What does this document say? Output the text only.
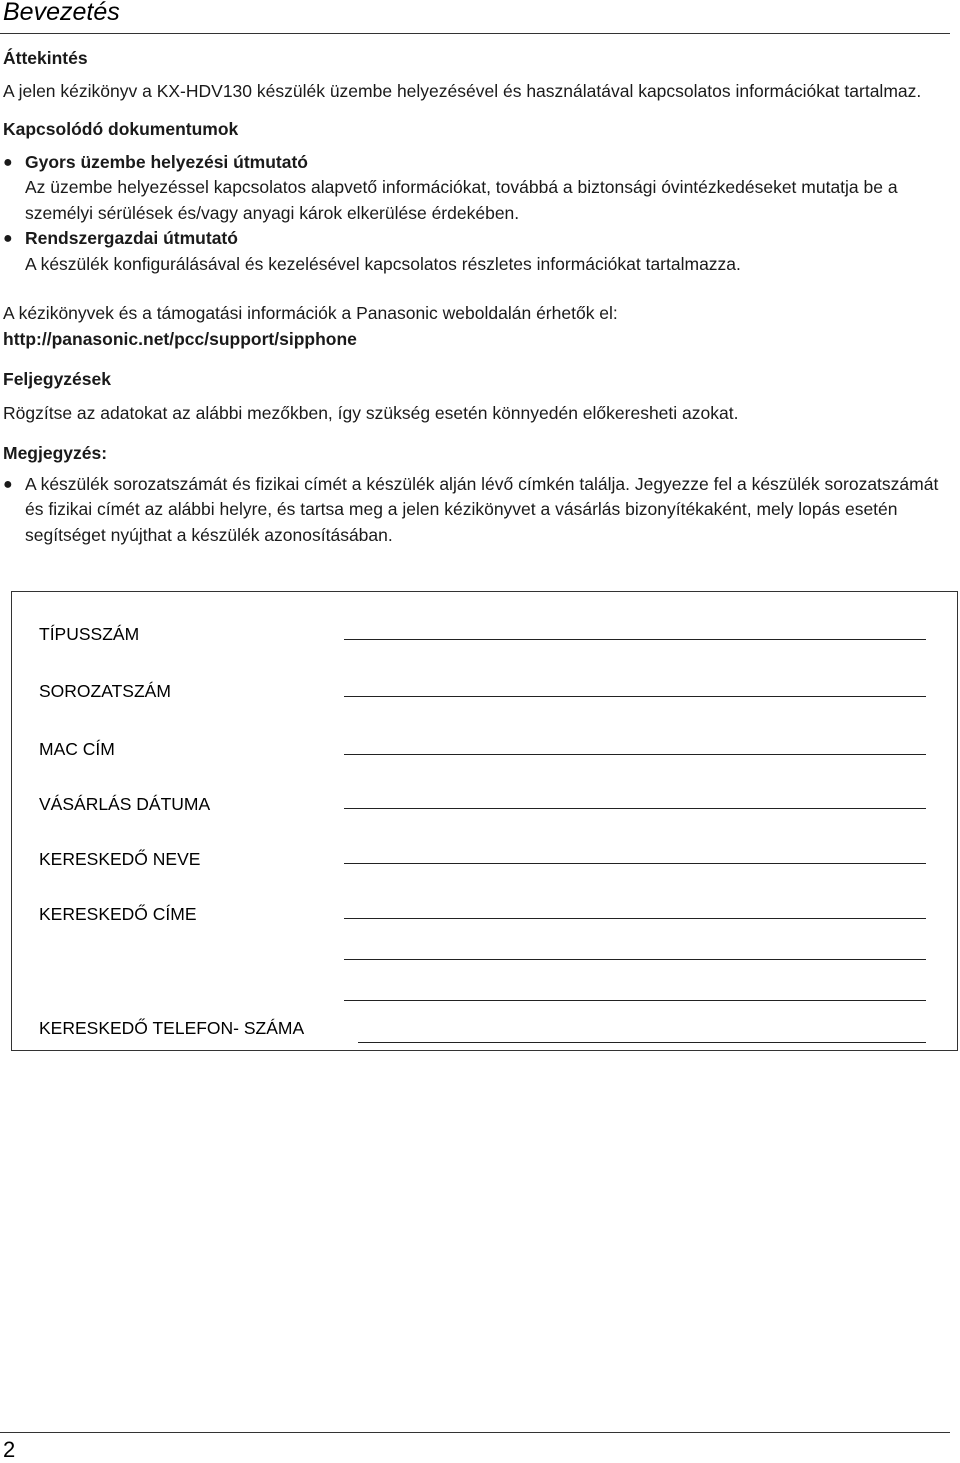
Bevezetés

Áttekintés

A jelen kézikönyv a KX-HDV130 készülék üzembe helyezésével és használatával kapcsolatos információkat tartalmaz.

Kapcsolódó dokumentumok

● Gyors üzembe helyezési útmutató

Az üzembe helyezéssel kapcsolatos alapvető információkat, továbbá a biztonsági óvintézkedéseket mutatja be a személyi sérülések és/vagy anyagi károk elkerülése érdekében.

● Rendszergazdai útmutató

A készülék konfigurálásával és kezelésével kapcsolatos részletes információkat tartalmazza.

A kézikönyvek és a támogatási információk a Panasonic weboldalán érhetők el:

http://panasonic.net/pcc/support/sipphone

Feljegyzések

Rögzítse az adatokat az alábbi mezőkben, így szükség esetén könnyedén előkeresheti azokat.

Megjegyzés:

● A készülék sorozatszámát és fizikai címét a készülék alján lévő címkén találja. Jegyezze fel a készülék sorozatszámát és fizikai címét az alábbi helyre, és tartsa meg a jelen kézikönyvet a vásárlás bizonyítékaként, mely lopás esetén segítséget nyújthat a készülék azonosításában.
TÍPUSSZÁM
SOROZATSZÁM
MAC CÍM
VÁSÁRLÁS DÁTUMA
KERESKEDŐ NEVE
KERESKEDŐ CÍME
KERESKEDŐ TELEFON- SZÁMA
2
